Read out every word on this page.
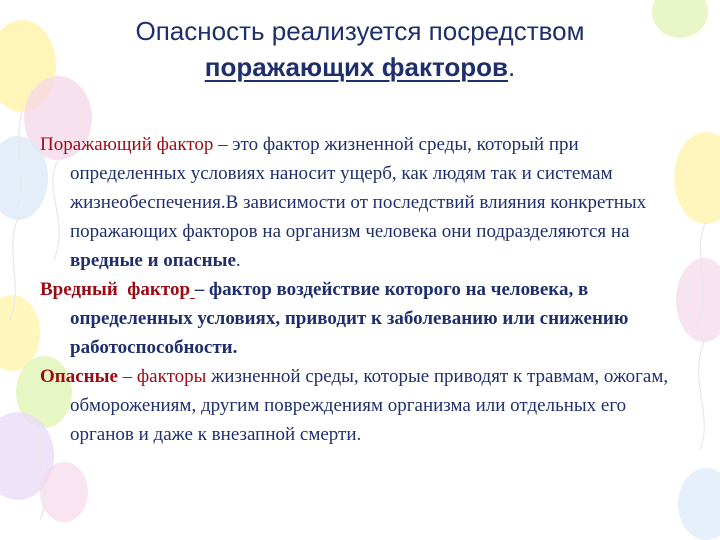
Опасность реализуется посредством
поражающих факторов.

Поражающий фактор – это фактор жизненной среды, который при определенных условиях наносит ущерб, как людям так и системам жизнеобеспечения.В зависимости от последствий влияния конкретных поражающих факторов на организм человека они подразделяются на вредные и опасные.

Вредный фактор – фактор воздействие которого на человека, в определенных условиях, приводит к заболеванию или снижению работоспособности.

Опасные – факторы жизненной среды, которые приводят к травмам, ожогам, обморожениям, другим повреждениям организма или отдельных его органов и даже к внезапной смерти.
